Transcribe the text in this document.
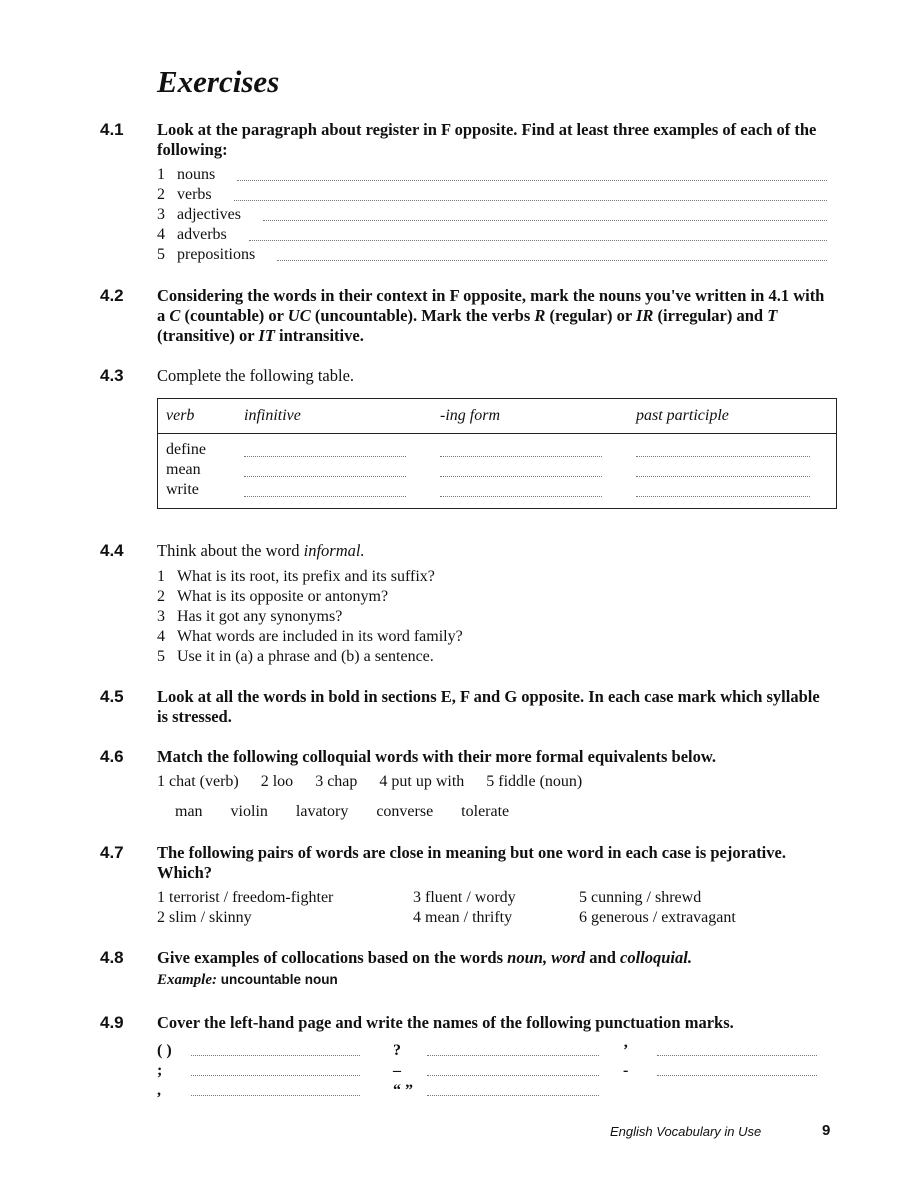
Exercises
4.1 Look at the paragraph about register in F opposite. Find at least three examples of each of the following:
1 nouns
2 verbs
3 adjectives
4 adverbs
5 prepositions
4.2 Considering the words in their context in F opposite, mark the nouns you've written in 4.1 with a C (countable) or UC (uncountable). Mark the verbs R (regular) or IR (irregular) and T (transitive) or IT intransitive.
4.3 Complete the following table.
verb	infinitive	-ing form	past participle
define	

mean	

write	

4.4 Think about the word informal.
1 What is its root, its prefix and its suffix?
2 What is its opposite or antonym?
3 Has it got any synonyms?
4 What words are included in its word family?
5 Use it in (a) a phrase and (b) a sentence.
4.5 Look at all the words in bold in sections E, F and G opposite. In each case mark which syllable is stressed.
4.6 Match the following colloquial words with their more formal equivalents below.
1 chat (verb) 2 loo 3 chap 4 put up with 5 fiddle (noun)
man violin lavatory converse tolerate
4.7 The following pairs of words are close in meaning but one word in each case is pejorative. Which?
1 terrorist / freedom-fighter
2 slim / skinny
3 fluent / wordy
4 mean / thrifty
5 cunning / shrewd
6 generous / extravagant
4.8 Give examples of collocations based on the words noun, word and colloquial.
Example: uncountable noun
4.9 Cover the left-hand page and write the names of the following punctuation marks.
( )	?	’
;	–	-
,	“ ”
English Vocabulary in Use	9
